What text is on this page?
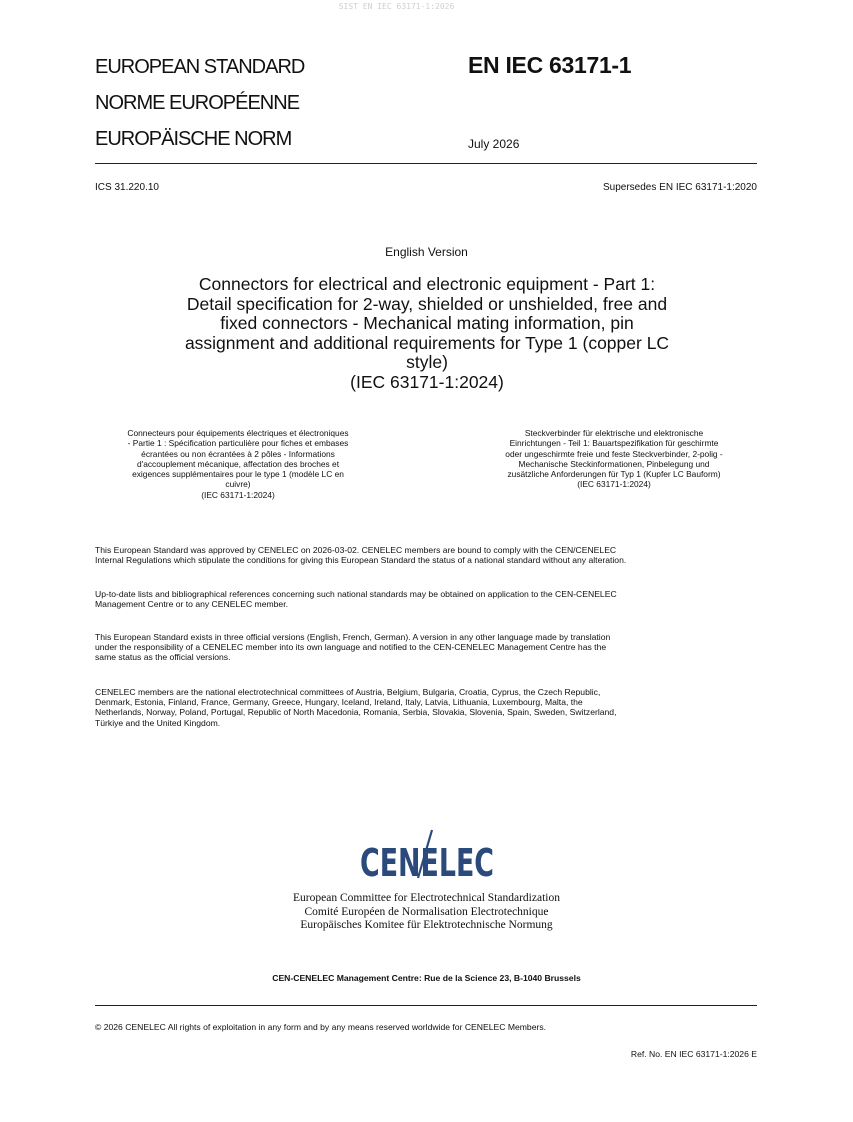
SIST EN IEC 63171-1:2026
EUROPEAN STANDARD
NORME EUROPÉENNE
EUROPÄISCHE NORM
EN IEC 63171-1
July 2026
ICS 31.220.10	Supersedes EN IEC 63171-1:2020
English Version
Connectors for electrical and electronic equipment - Part 1:
Detail specification for 2-way, shielded or unshielded, free and
fixed connectors - Mechanical mating information, pin
assignment and additional requirements for Type 1 (copper LC
style)
(IEC 63171-1:2024)
Connecteurs pour équipements électriques et électroniques
- Partie 1 : Spécification particulière pour fiches et embases
écrantées ou non écrantées à 2 pôles - Informations
d'accouplement mécanique, affectation des broches et
exigences supplémentaires pour le type 1 (modèle LC en
cuivre)
(IEC 63171-1:2024)
Steckverbinder für elektrische und elektronische
Einrichtungen - Teil 1: Bauartspezifikation für geschirmte
oder ungeschirmte freie und feste Steckverbinder, 2-polig -
Mechanische Steckinformationen, Pinbelegung und
zusätzliche Anforderungen für Typ 1 (Kupfer LC Bauform)
(IEC 63171-1:2024)
This European Standard was approved by CENELEC on 2026-03-02. CENELEC members are bound to comply with the CEN/CENELEC
Internal Regulations which stipulate the conditions for giving this European Standard the status of a national standard without any alteration.
Up-to-date lists and bibliographical references concerning such national standards may be obtained on application to the CEN-CENELEC
Management Centre or to any CENELEC member.
This European Standard exists in three official versions (English, French, German). A version in any other language made by translation
under the responsibility of a CENELEC member into its own language and notified to the CEN-CENELEC Management Centre has the
same status as the official versions.
CENELEC members are the national electrotechnical committees of Austria, Belgium, Bulgaria, Croatia, Cyprus, the Czech Republic,
Denmark, Estonia, Finland, France, Germany, Greece, Hungary, Iceland, Ireland, Italy, Latvia, Lithuania, Luxembourg, Malta, the
Netherlands, Norway, Poland, Portugal, Republic of North Macedonia, Romania, Serbia, Slovakia, Slovenia, Spain, Sweden, Switzerland,
Türkiye and the United Kingdom.
CENELEC
European Committee for Electrotechnical Standardization
Comité Européen de Normalisation Electrotechnique
Europäisches Komitee für Elektrotechnische Normung
CEN-CENELEC Management Centre: Rue de la Science 23, B-1040 Brussels
© 2026 CENELEC All rights of exploitation in any form and by any means reserved worldwide for CENELEC Members.
Ref. No. EN IEC 63171-1:2026 E
